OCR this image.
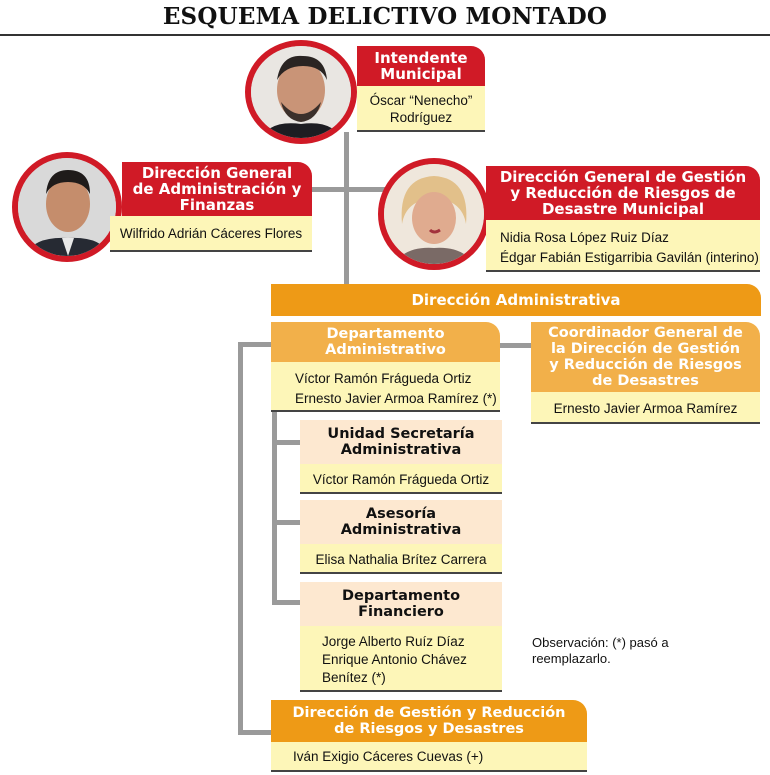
ESQUEMA DELICTIVO MONTADO
Intendente
Municipal
Óscar “Nenecho”
Rodríguez
Dirección General
de Administración y
Finanzas
Wilfrido Adrián Cáceres Flores
Dirección General de Gestión
y Reducción de Riesgos de
Desastre Municipal
Nidia Rosa López Ruiz Díaz
Édgar Fabián Estigarribia Gavilán (interino)
Dirección Administrativa
Departamento
Administrativo
Víctor Ramón Frágueda Ortiz
Ernesto Javier Armoa Ramírez (*)
Coordinador General de
la Dirección de Gestión
y Reducción de Riesgos
de Desastres
Ernesto Javier Armoa Ramírez
Unidad Secretaría
Administrativa
Víctor Ramón Frágueda Ortiz
Asesoría
Administrativa
Elisa Nathalia Brítez Carrera
Departamento
Financiero
Jorge Alberto Ruíz Díaz
Enrique Antonio Chávez
Benítez (*)
Observación: (*) pasó a
reemplazarlo.
Dirección de Gestión y Reducción
de Riesgos y Desastres
Iván Exigio Cáceres Cuevas (+)
